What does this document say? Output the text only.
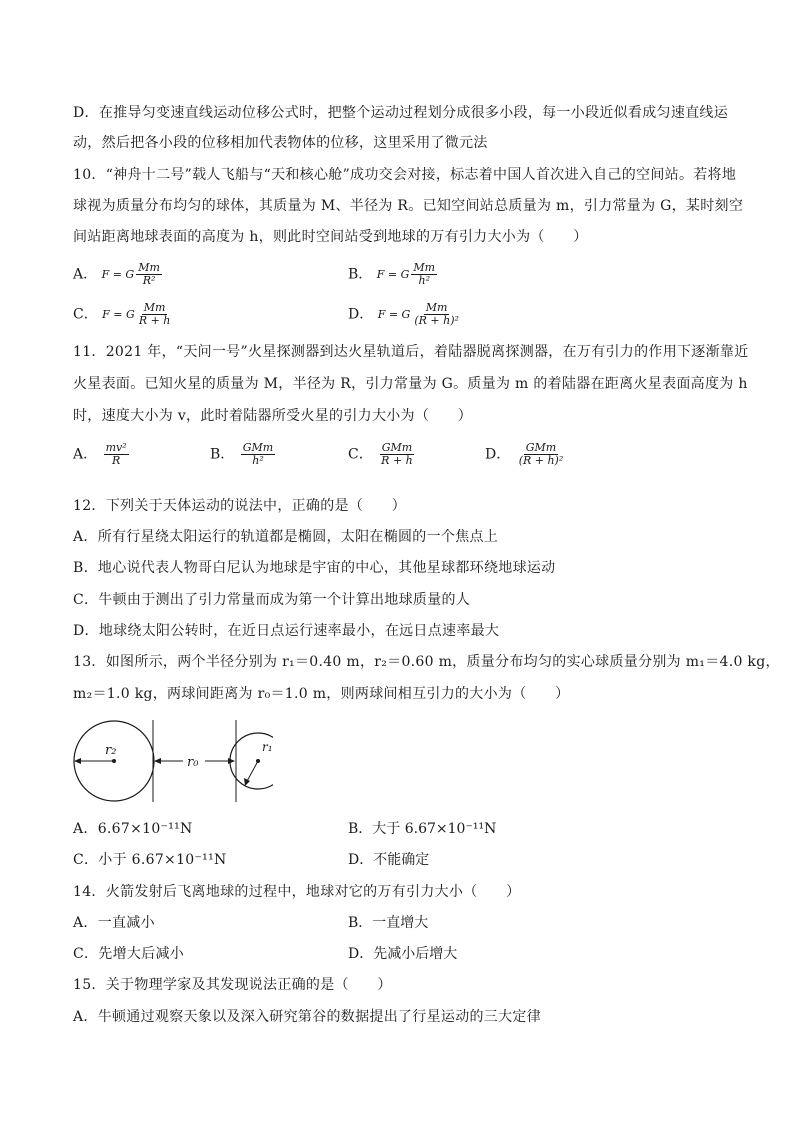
D．在推导匀变速直线运动位移公式时，把整个运动过程划分成很多小段，每一小段近似看成匀速直线运
动，然后把各小段的位移相加代表物体的位移，这里采用了微元法
10．“神舟十二号”载人飞船与“天和核心舱”成功交会对接，标志着中国人首次进入自己的空间站。若将地
球视为质量分布均匀的球体，其质量为 M、半径为 R。已知空间站总质量为 m，引力常量为 G，某时刻空
间站距离地球表面的高度为 h，则此时空间站受到地球的万有引力大小为（　　）
A． F = G $\frac{Mm}{\text{R²}}$	B． F = G $\frac{Mm}{\text{h²}}$
C． F = G $\frac{Mm}{R + h}$	D． F = G $\frac{Mm}{\text{(R + h)²}}$
11．2021 年，“天问一号”火星探测器到达火星轨道后，着陆器脱离探测器，在万有引力的作用下逐渐靠近
火星表面。已知火星的质量为 M，半径为 R，引力常量为 G。质量为 m 的着陆器在距离火星表面高度为 h
时，速度大小为 v，此时着陆器所受火星的引力大小为（　　）
A． $\frac{\text{mv²}}{R}$	B． $\frac{\text{GMm}}{\text{h²}}$	C． $\frac{\text{GMm}}{R + h}$	D． $\frac{\text{GMm}}{\text{(R + h)²}}$
12．下列关于天体运动的说法中，正确的是（　　）
A．所有行星绕太阳运行的轨道都是椭圆，太阳在椭圆的一个焦点上
B．地心说代表人物哥白尼认为地球是宇宙的中心，其他星球都环绕地球运动
C．牛顿由于测出了引力常量而成为第一个计算出地球质量的人
D．地球绕太阳公转时，在近日点运行速率最小，在远日点速率最大
13．如图所示，两个半径分别为 r₁＝0.40 m，r₂＝0.60 m，质量分布均匀的实心球质量分别为 m₁＝4.0 kg，
m₂＝1.0 kg，两球间距离为 r₀＝1.0 m，则两球间相互引力的大小为（　　）
r₂
r₀
r₁
A．6.67×10⁻¹¹N	B．大于 6.67×10⁻¹¹N
C．小于 6.67×10⁻¹¹N	D．不能确定
14．火箭发射后飞离地球的过程中，地球对它的万有引力大小（　　）
A．一直减小	B．一直增大
C．先增大后减小	D．先减小后增大
15．关于物理学家及其发现说法正确的是（　　）
A．牛顿通过观察天象以及深入研究第谷的数据提出了行星运动的三大定律
